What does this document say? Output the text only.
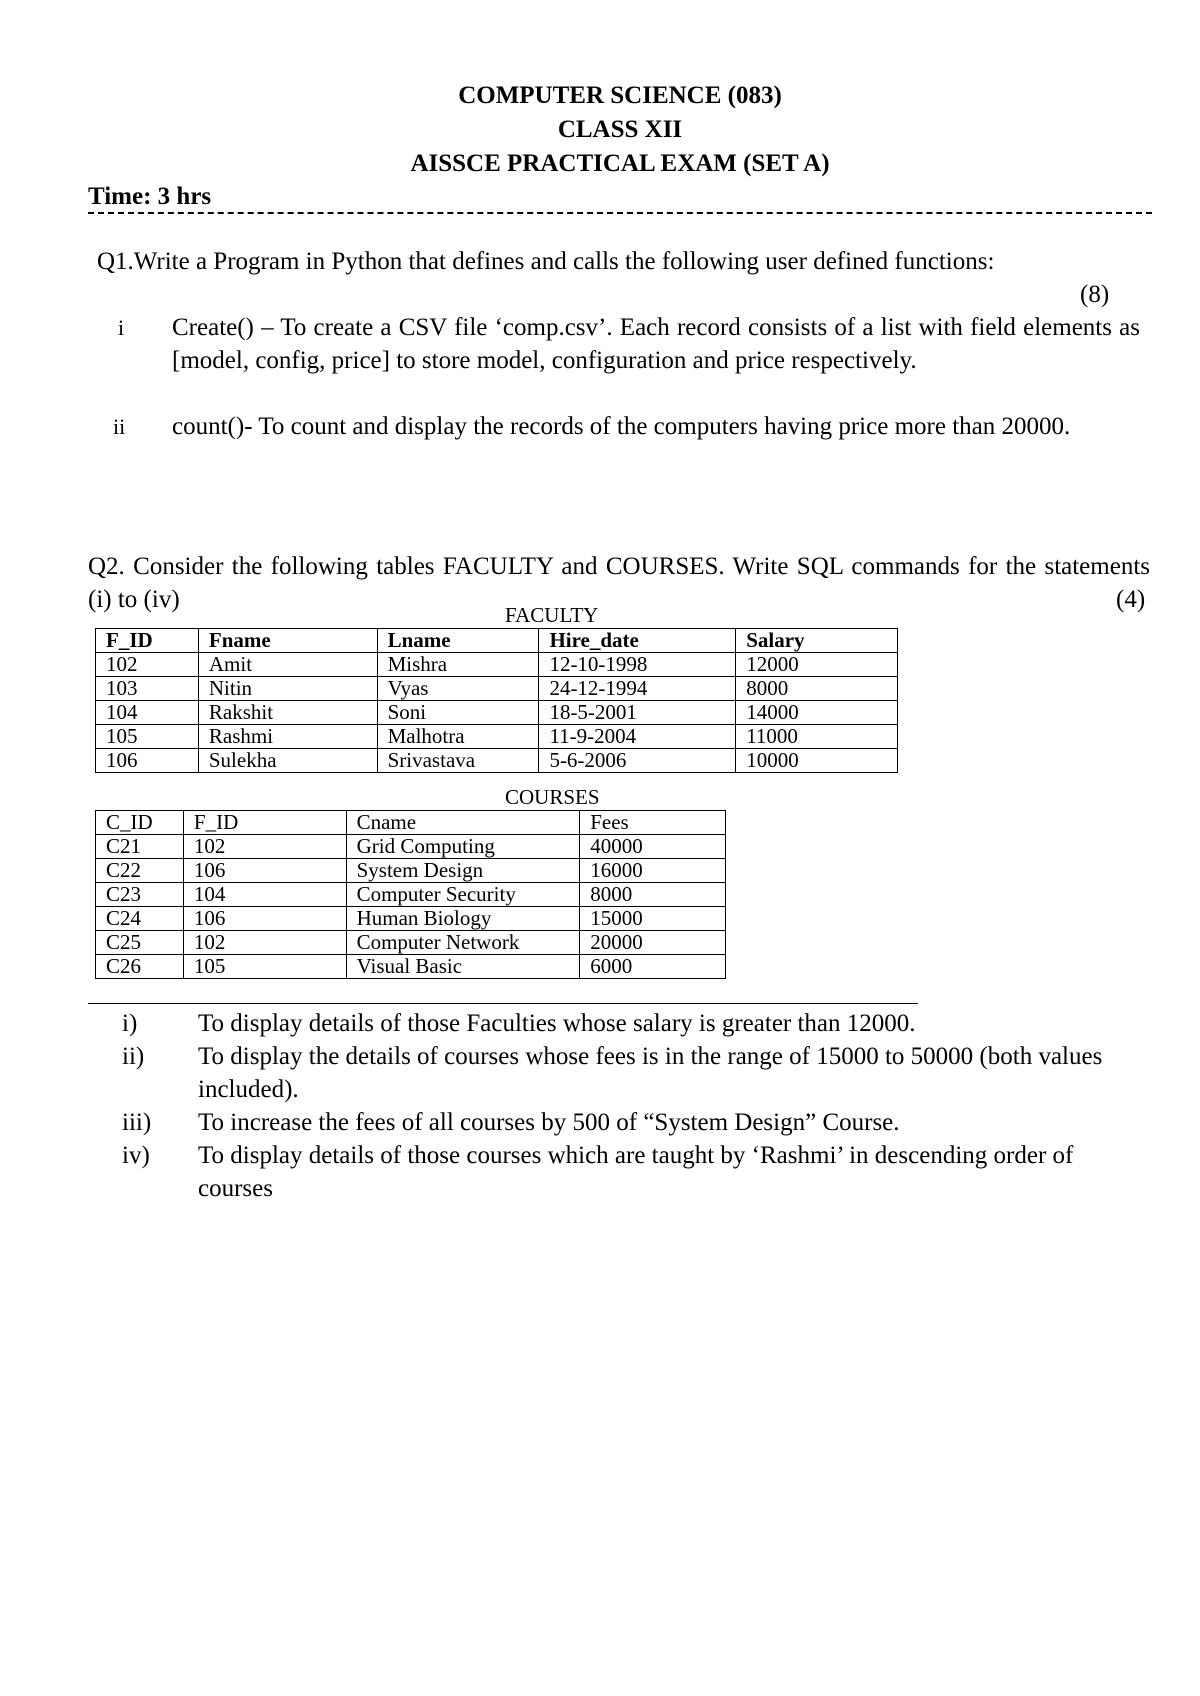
COMPUTER SCIENCE (083)
CLASS XII
AISSCE PRACTICAL EXAM (SET A)
Time: 3 hrs
Q1.Write a Program in Python that defines and calls the following user defined functions:
(8)
i Create() – To create a CSV file ‘comp.csv’. Each record consists of a list with field elements as [model, config, price] to store model, configuration and price respectively.
ii count()- To count and display the records of the computers having price more than 20000.
Q2. Consider the following tables FACULTY and COURSES. Write SQL commands for the statements (i) to (iv)	(4)
FACULTY
F_ID	Fname	Lname	Hire_date	Salary
102	Amit	Mishra	12-10-1998	12000
103	Nitin	Vyas	24-12-1994	8000
104	Rakshit	Soni	18-5-2001	14000
105	Rashmi	Malhotra	11-9-2004	11000
106	Sulekha	Srivastava	5-6-2006	10000
COURSES
C_ID	F_ID	Cname	Fees
C21	102	Grid Computing	40000
C22	106	System Design	16000
C23	104	Computer Security	8000
C24	106	Human Biology	15000
C25	102	Computer Network	20000
C26	105	Visual Basic	6000
i) To display details of those Faculties whose salary is greater than 12000.
ii) To display the details of courses whose fees is in the range of 15000 to 50000 (both values included).
iii) To increase the fees of all courses by 500 of “System Design” Course.
iv) To display details of those courses which are taught by ‘Rashmi’ in descending order of courses
